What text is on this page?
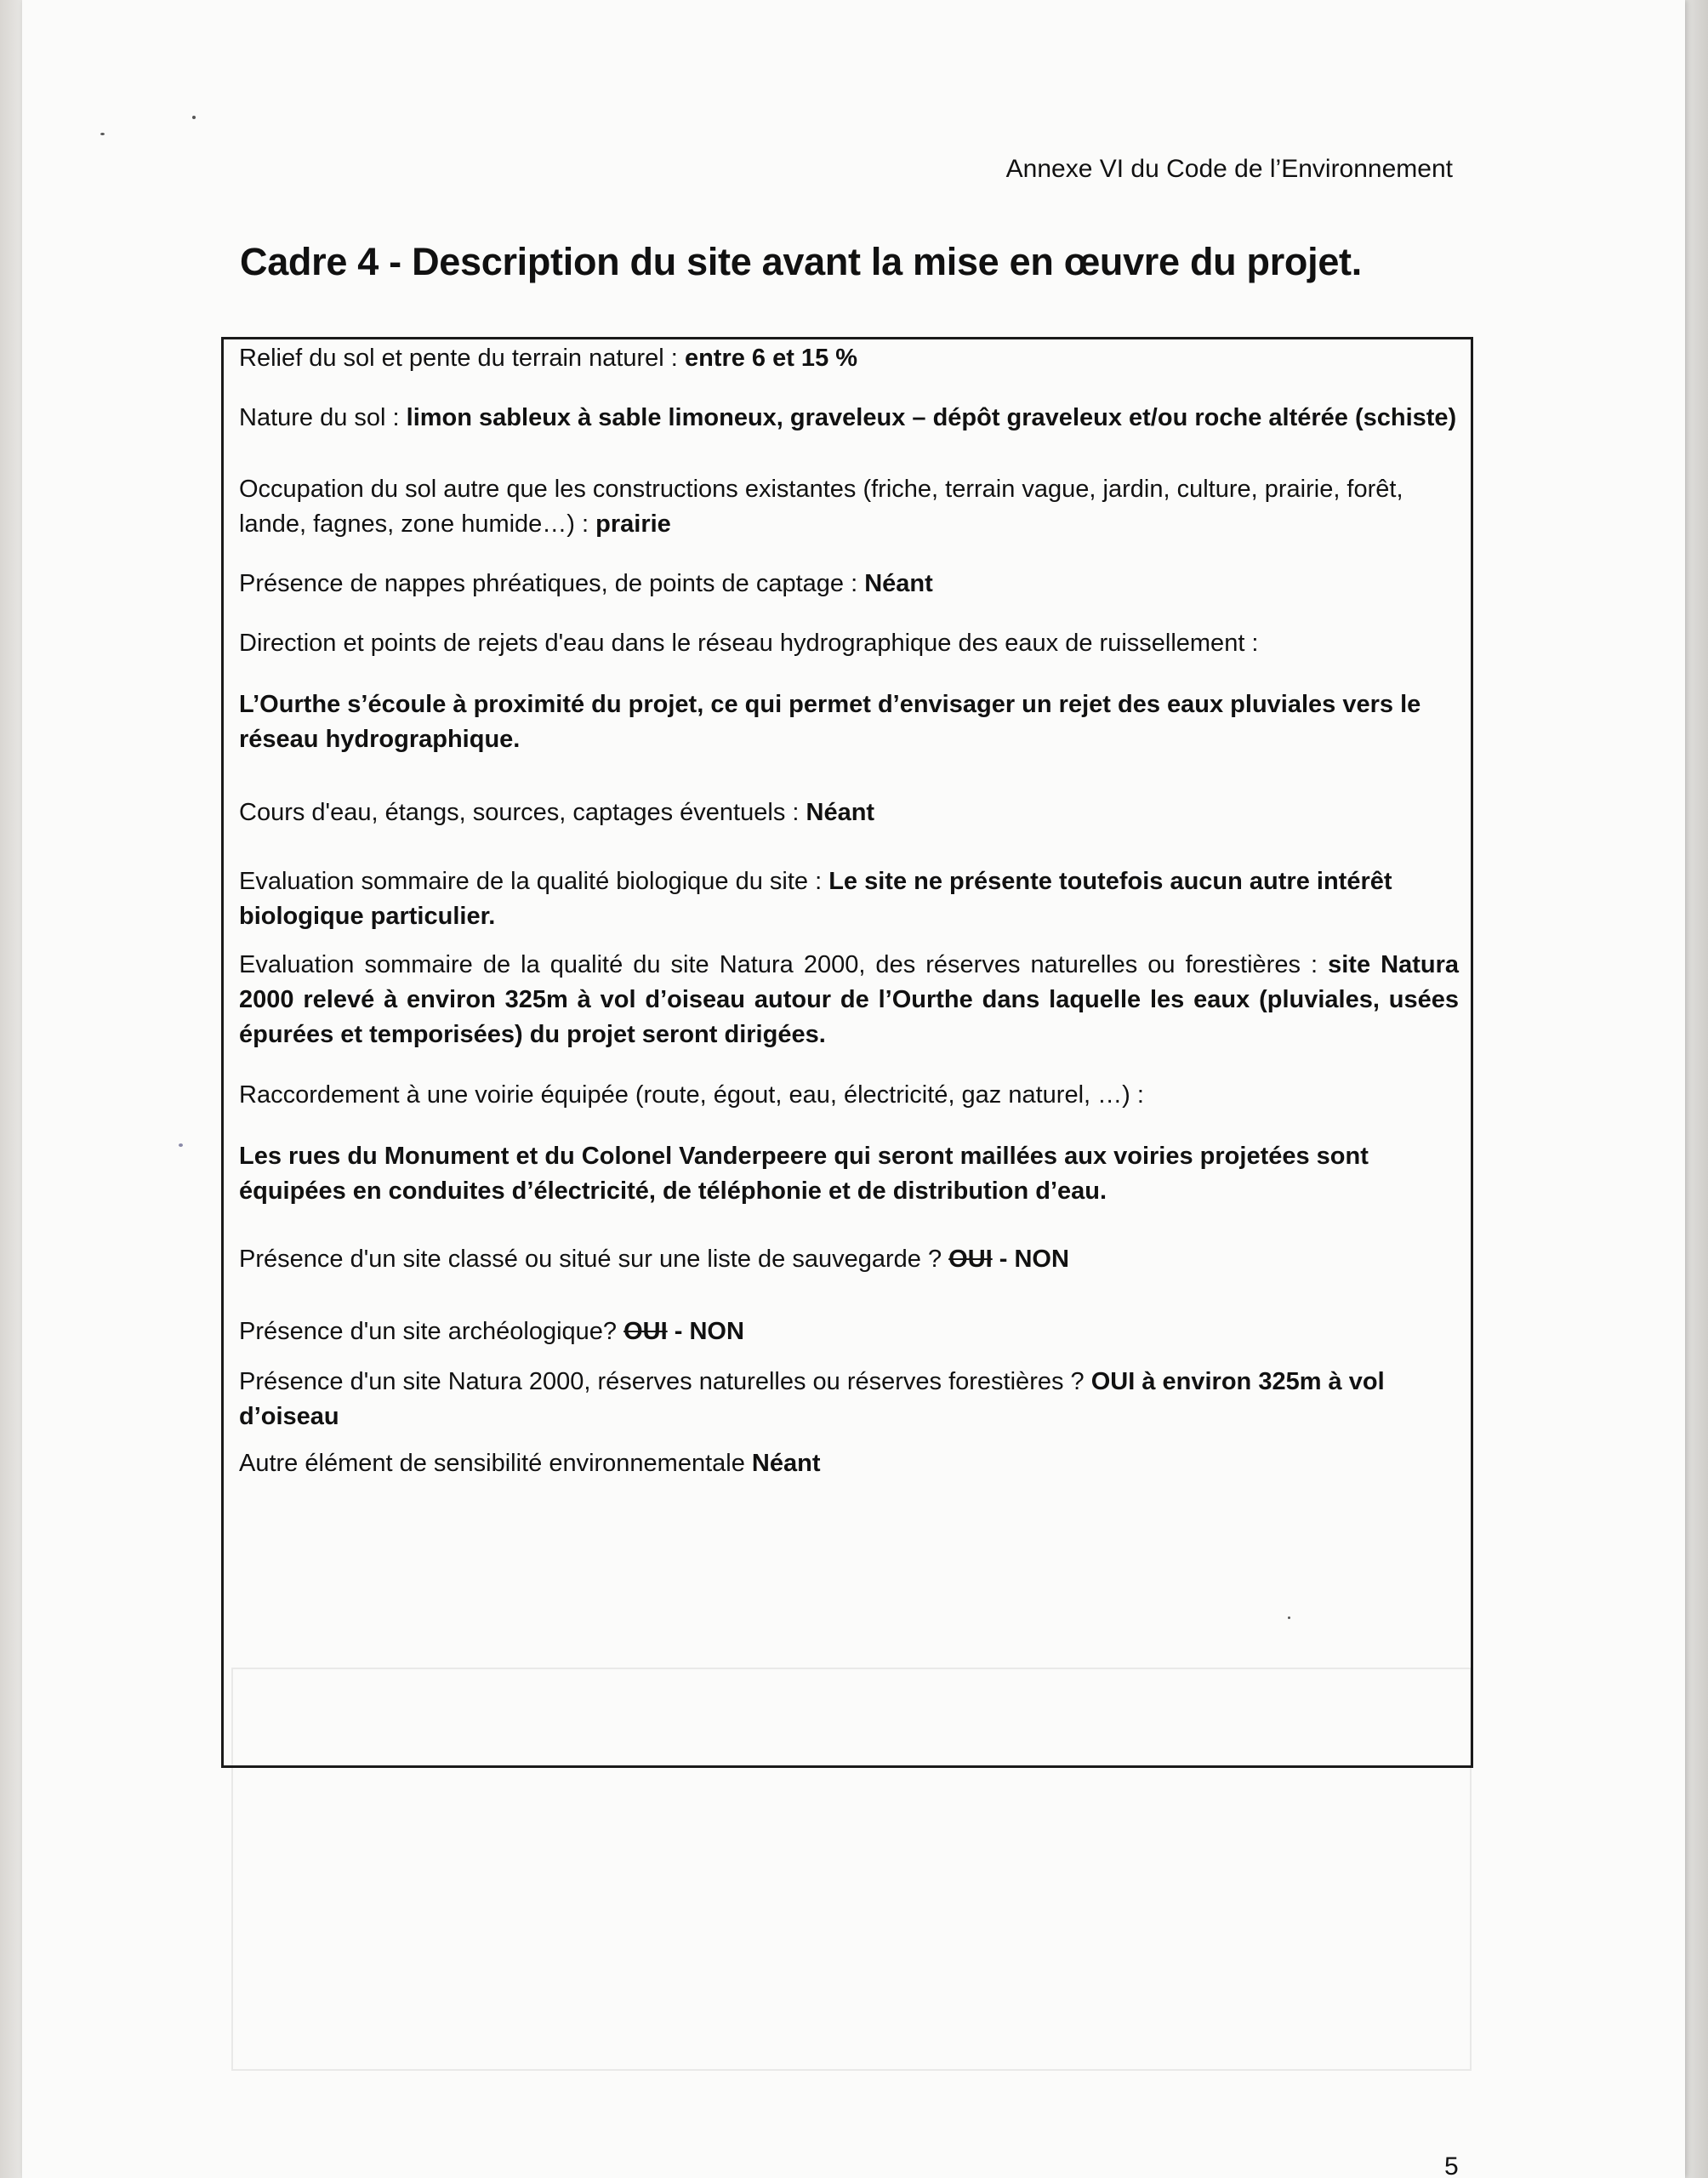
Annexe VI du Code de l’Environnement
Cadre 4 - Description du site avant la mise en œuvre du projet.

Relief du sol et pente du terrain naturel : entre 6 et 15 %

Nature du sol : limon sableux à sable limoneux, graveleux – dépôt graveleux et/ou roche altérée (schiste)

Occupation du sol autre que les constructions existantes (friche, terrain vague, jardin, culture, prairie, forêt, lande, fagnes, zone humide…) : prairie

Présence de nappes phréatiques, de points de captage : Néant

Direction et points de rejets d'eau dans le réseau hydrographique des eaux de ruissellement :

L’Ourthe s’écoule à proximité du projet, ce qui permet d’envisager un rejet des eaux pluviales vers le réseau hydrographique.

Cours d'eau, étangs, sources, captages éventuels : Néant

Evaluation sommaire de la qualité biologique du site : Le site ne présente toutefois aucun autre intérêt biologique particulier.

Evaluation sommaire de la qualité du site Natura 2000, des réserves naturelles ou forestières : site Natura 2000 relevé à environ 325m à vol d’oiseau autour de l’Ourthe dans laquelle les eaux (pluviales, usées épurées et temporisées) du projet seront dirigées.

Raccordement à une voirie équipée (route, égout, eau, électricité, gaz naturel, …) :

Les rues du Monument et du Colonel Vanderpeere qui seront maillées aux voiries projetées sont équipées en conduites d’électricité, de téléphonie et de distribution d’eau.

Présence d'un site classé ou situé sur une liste de sauvegarde ? OUI - NON

Présence d'un site archéologique? OUI - NON

Présence d'un site Natura 2000, réserves naturelles ou réserves forestières ? OUI à environ 325m à vol d’oiseau

Autre élément de sensibilité environnementale Néant

5
